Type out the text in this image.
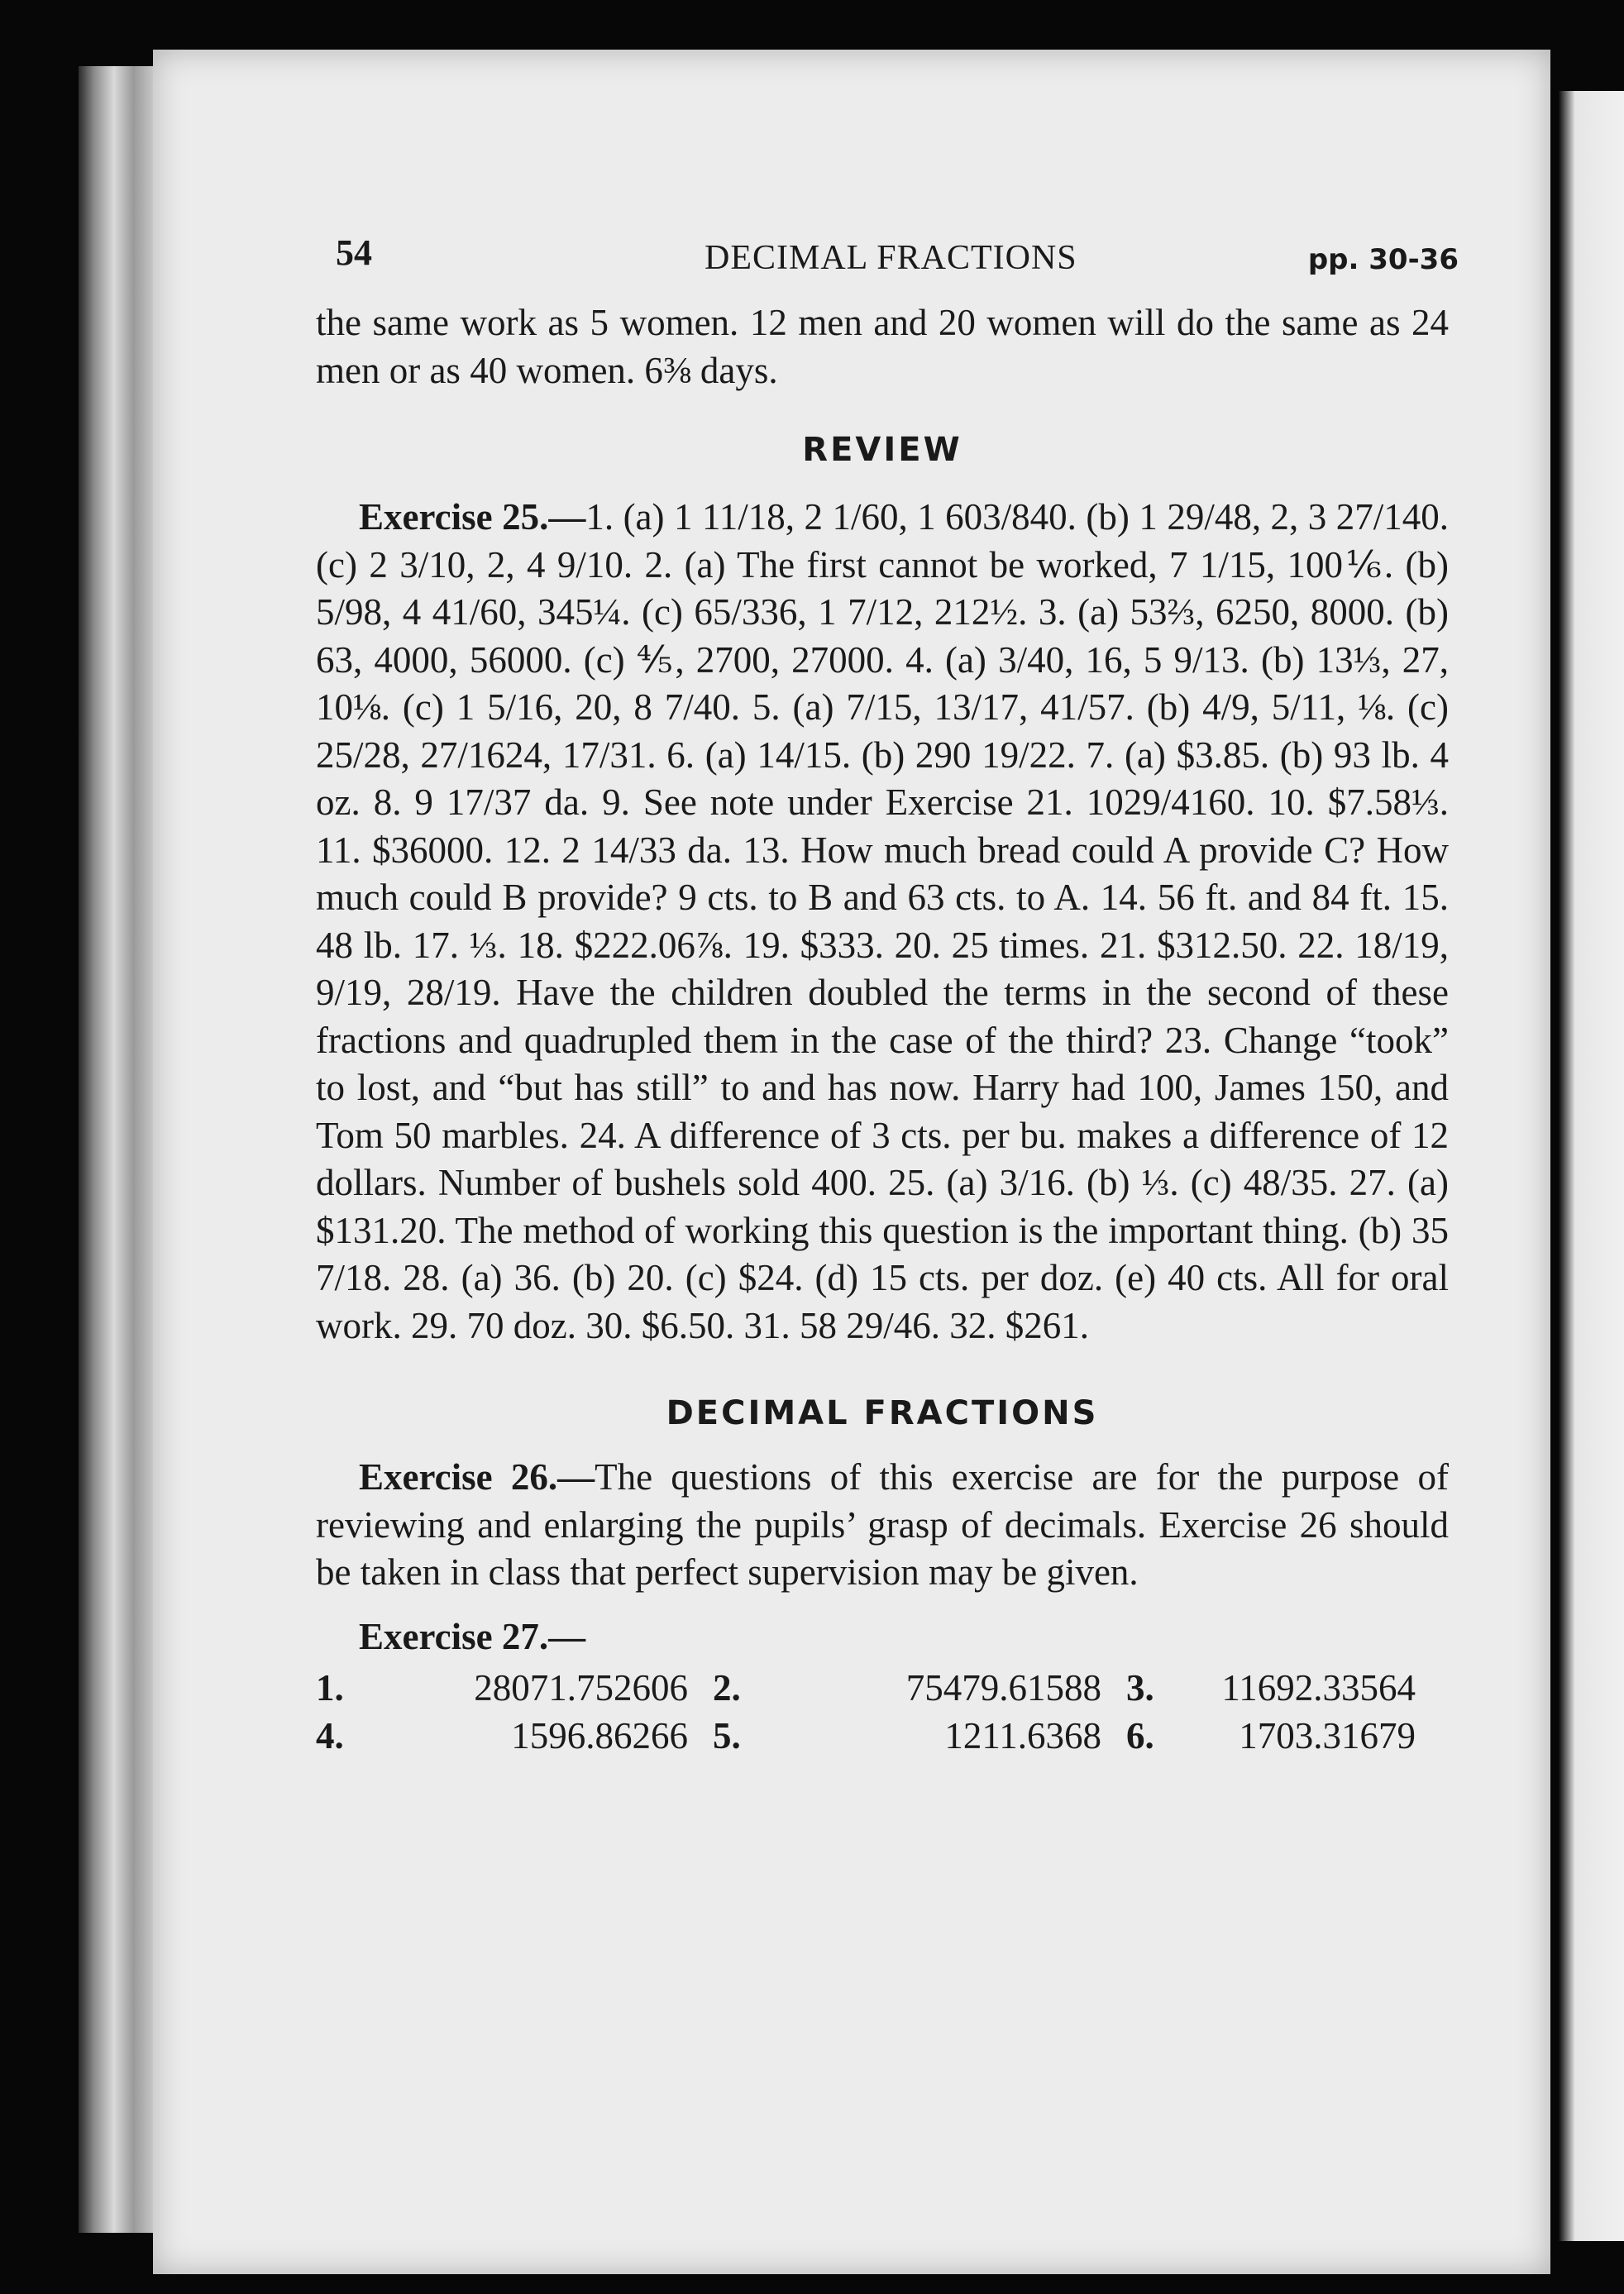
54	DECIMAL FRACTIONS	pp. 30-36

the same work as 5 women. 12 men and 20 women will do the same as 24 men or as 40 women. 6⅜ days.

REVIEW

Exercise 25.—1. (a) 1 11/18, 2 1/60, 1 603/840. (b) 1 29/48, 2, 3 27/140. (c) 2 3/10, 2, 4 9/10. 2. (a) The first cannot be worked, 7 1/15, 100⅙. (b) 5/98, 4 41/60, 345¼. (c) 65/336, 1 7/12, 212½. 3. (a) 53⅔, 6250, 8000. (b) 63, 4000, 56000. (c) ⅘, 2700, 27000. 4. (a) 3/40, 16, 5 9/13. (b) 13⅓, 27, 10⅛. (c) 1 5/16, 20, 8 7/40. 5. (a) 7/15, 13/17, 41/57. (b) 4/9, 5/11, ⅛. (c) 25/28, 27/1624, 17/31. 6. (a) 14/15. (b) 290 19/22. 7. (a) $3.85. (b) 93 lb. 4 oz. 8. 9 17/37 da. 9. See note under Exercise 21. 1029/4160. 10. $7.58⅓. 11. $36000. 12. 2 14/33 da. 13. How much bread could A provide C? How much could B provide? 9 cts. to B and 63 cts. to A. 14. 56 ft. and 84 ft. 15. 48 lb. 17. ⅓. 18. $222.06⅞. 19. $333. 20. 25 times. 21. $312.50. 22. 18/19, 9/19, 28/19. Have the children doubled the terms in the second of these fractions and quadrupled them in the case of the third? 23. Change “took” to lost, and “but has still” to and has now. Harry had 100, James 150, and Tom 50 marbles. 24. A difference of 3 cts. per bu. makes a difference of 12 dollars. Number of bushels sold 400. 25. (a) 3/16. (b) ⅓. (c) 48/35. 27. (a) $131.20. The method of working this question is the important thing. (b) 35 7/18. 28. (a) 36. (b) 20. (c) $24. (d) 15 cts. per doz. (e) 40 cts. All for oral work. 29. 70 doz. 30. $6.50. 31. 58 29/46. 32. $261.

DECIMAL FRACTIONS

Exercise 26.—The questions of this exercise are for the purpose of reviewing and enlarging the pupils’ grasp of decimals. Exercise 26 should be taken in class that perfect supervision may be given.

Exercise 27.—

1.	28071.752606 2.	75479.61588 3.	11692.33564
4.	1596.86266 5.	1211.6368 6.	1703.31679
